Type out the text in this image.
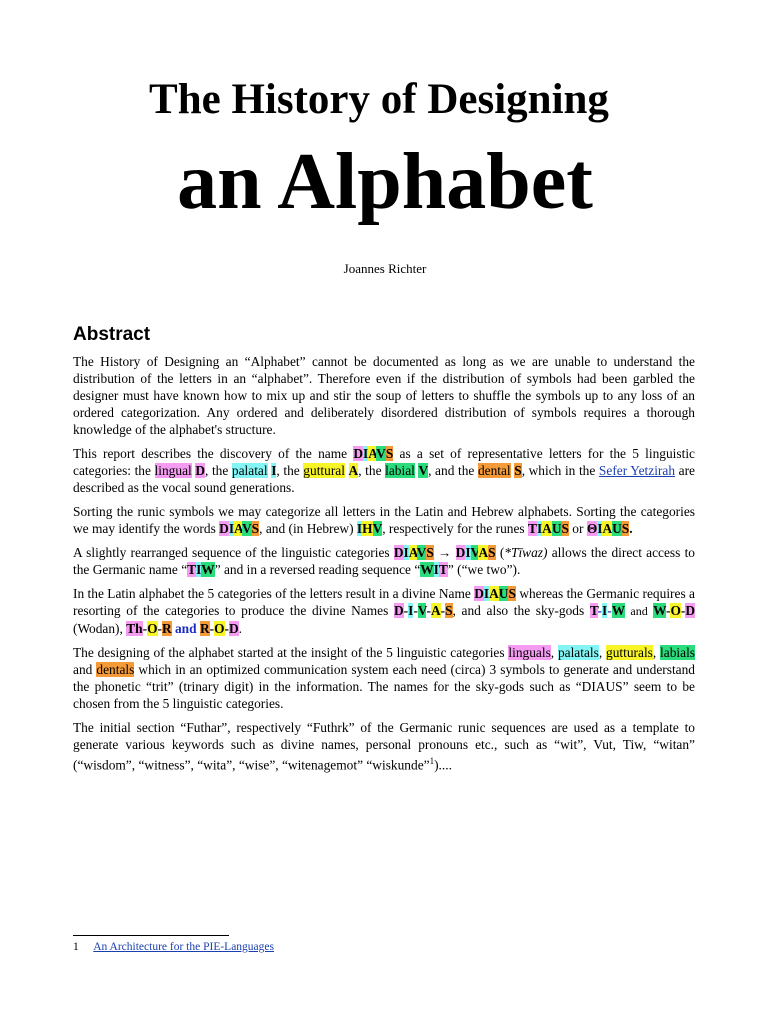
The History of Designing
an Alphabet
Joannes Richter
Abstract

The History of Designing an “Alphabet” cannot be documented as long as we are unable to understand the distribution of the letters in an “alphabet”. Therefore even if the distribution of symbols had been garbled the designer must have known how to mix up and stir the soup of letters to shuffle the symbols up to any loss of an ordered categorization. Any ordered and deliberately disordered distribution of symbols requires a thorough knowledge of the alphabet's structure.

This report describes the discovery of the name DIAVS as a set of representative letters for the 5 linguistic categories: the lingual D, the palatal I, the guttural A, the labial V, and the dental S, which in the Sefer Yetzirah are described as the vocal sound generations.

Sorting the runic symbols we may categorize all letters in the Latin and Hebrew alphabets. Sorting the categories we may identify the words DIAVS, and (in Hebrew) IHV, respectively for the runes TIAUS or ΘIAUS.

A slightly rearranged sequence of the linguistic categories DIAVS → DIVAS (*Tīwaz) allows the direct access to the Germanic name “TIW” and in a reversed reading sequence “WIT” (“we two”).

In the Latin alphabet the 5 categories of the letters result in a divine Name DIAUS whereas the Germanic requires a resorting of the categories to produce the divine Names D-I-V-A-S, and also the sky-gods T-I-W and W-O-D (Wodan), Th-O-R and R-O-D.

The designing of the alphabet started at the insight of the 5 linguistic categories linguals, palatals, gutturals, labials and dentals which in an optimized communication system each need (circa) 3 symbols to generate and understand the phonetic “trit” (trinary digit) in the information. The names for the sky-gods such as “DIAUS” seem to be chosen from the 5 linguistic categories.

The initial section “Futhar”, respectively “Futhrk” of the Germanic runic sequences are used as a template to generate various keywords such as divine names, personal pronouns etc., such as “wit”, Vut, Tiw, “witan” (“wisdom”, “witness”, “wita”, “wise”, “witenagemot” “wiskunde”$^1$)....

1 An Architecture for the PIE-Languages
